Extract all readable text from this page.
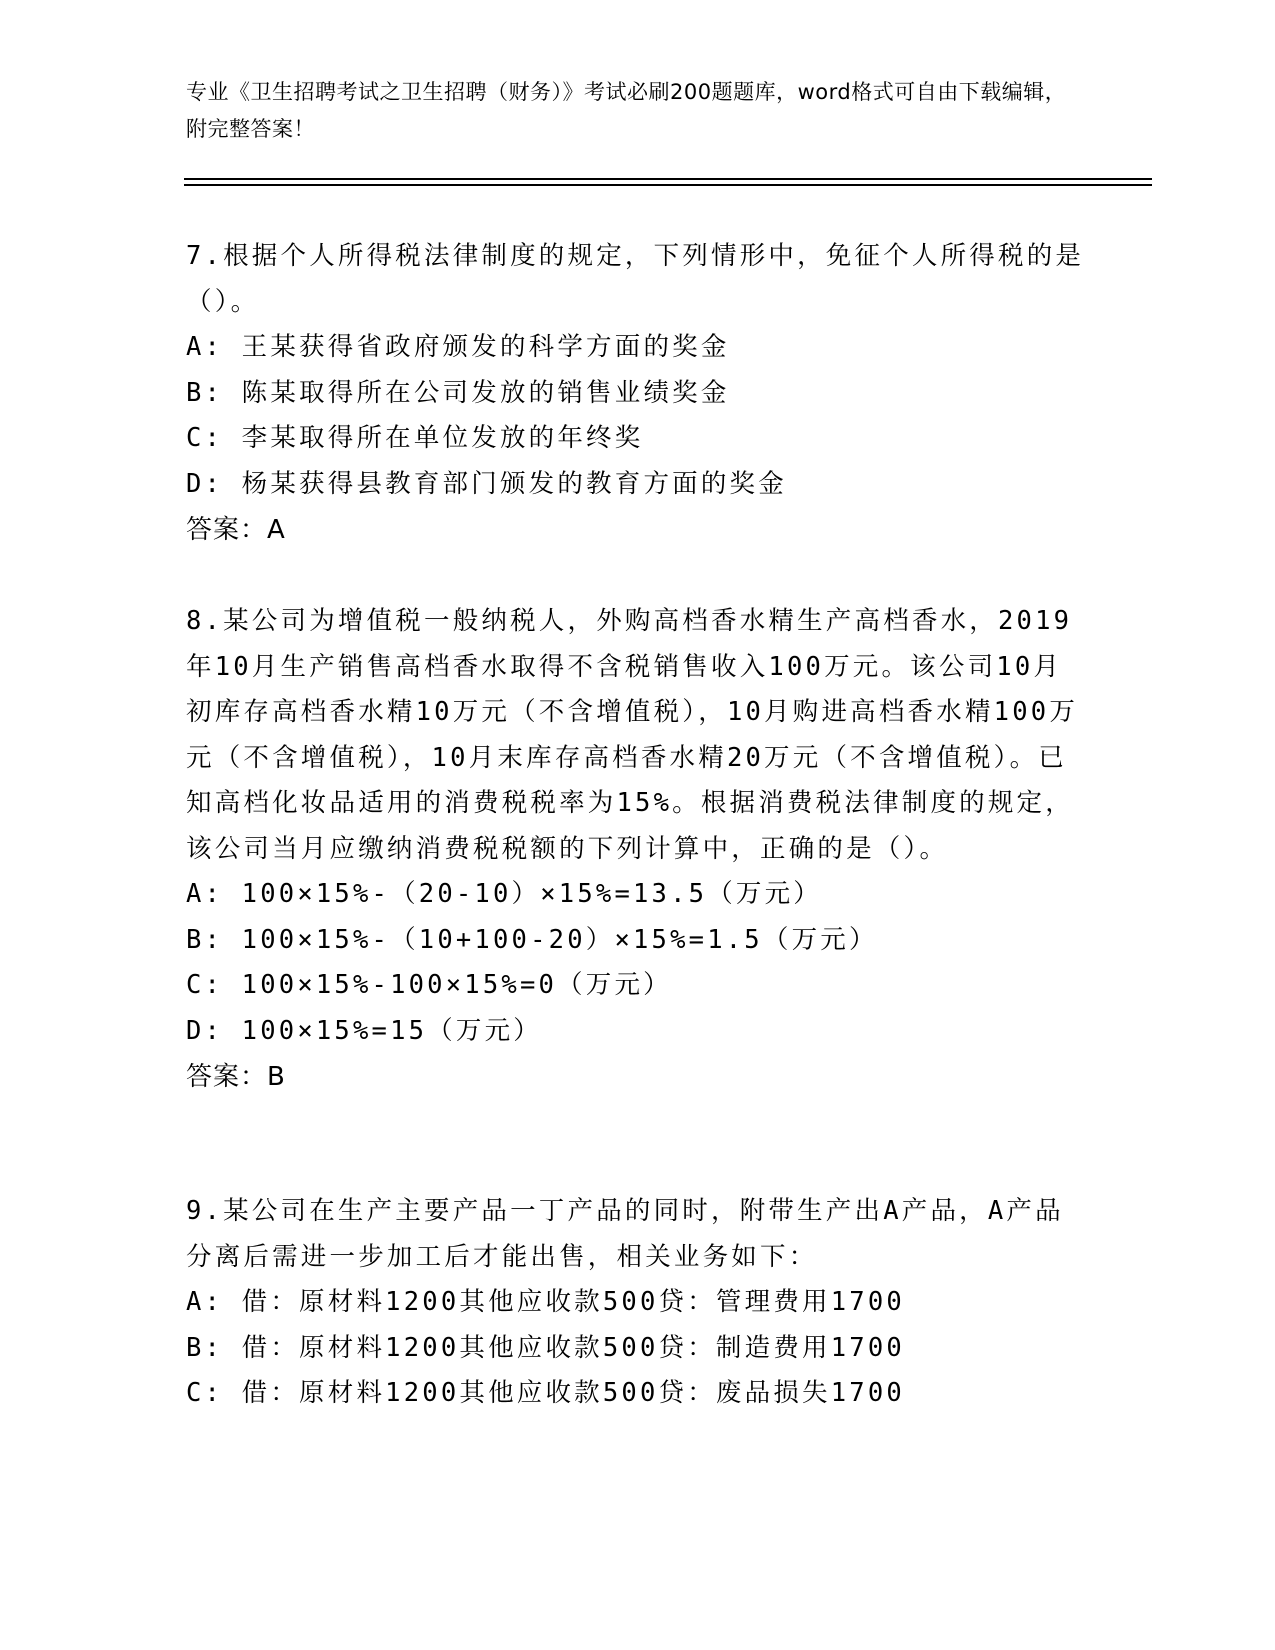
专业《卫生招聘考试之卫生招聘（财务）》考试必刷200题题库，word格式可自由下载编辑，附完整答案！

7.根据个人所得税法律制度的规定，下列情形中，免征个人所得税的是（）。

A: 王某获得省政府颁发的科学方面的奖金

B: 陈某取得所在公司发放的销售业绩奖金

C: 李某取得所在单位发放的年终奖

D: 杨某获得县教育部门颁发的教育方面的奖金

答案：A

8.某公司为增值税一般纳税人，外购高档香水精生产高档香水，2019年10月生产销售高档香水取得不含税销售收入100万元。该公司10月初库存高档香水精10万元（不含增值税），10月购进高档香水精100万元（不含增值税），10月末库存高档香水精20万元（不含增值税）。已知高档化妆品适用的消费税税率为15%。根据消费税法律制度的规定，该公司当月应缴纳消费税税额的下列计算中，正确的是（）。

A: 100×15%-（20-10）×15%=13.5（万元）

B: 100×15%-（10+100-20）×15%=1.5（万元）

C: 100×15%-100×15%=0（万元）

D: 100×15%=15（万元）

答案：B

9.某公司在生产主要产品一丁产品的同时，附带生产出A产品，A产品分离后需进一步加工后才能出售，相关业务如下：

A: 借：原材料1200其他应收款500贷：管理费用1700

B: 借：原材料1200其他应收款500贷：制造费用1700

C: 借：原材料1200其他应收款500贷：废品损失1700
